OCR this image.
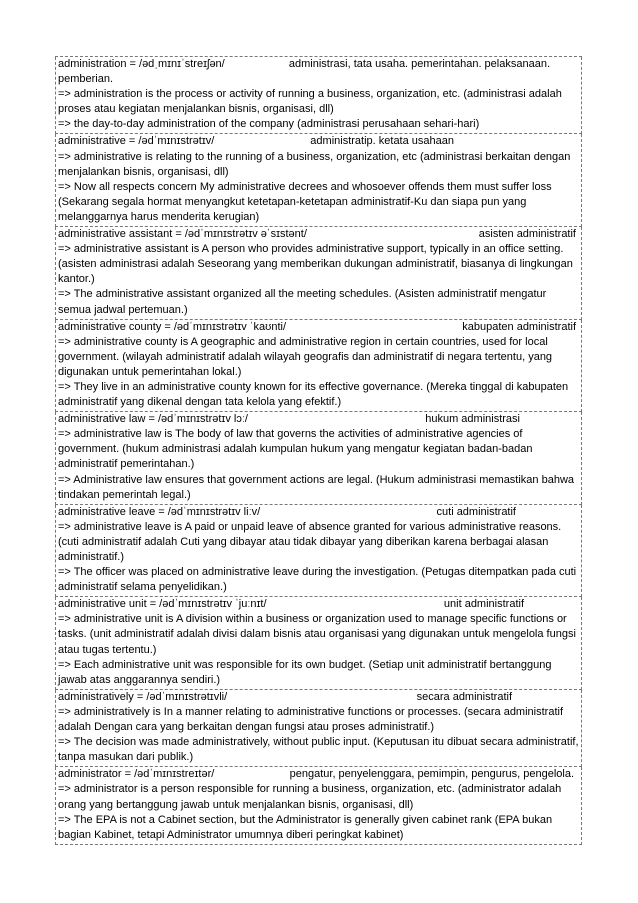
administration = /ədˌmɪnɪˈstreɪʃən/	administrasi, tata usaha. pemerintahan. pelaksanaan.

pemberian.

=> administration is the process or activity of running a business, organization, etc. (administrasi adalah proses atau kegiatan menjalankan bisnis, organisasi, dll)

=> the day-to-day administration of the company (administrasi perusahaan sehari-hari)

administrative = /ədˈmɪnɪstrətɪv/	administratip. ketata usahaan

=> administrative is relating to the running of a business, organization, etc (administrasi berkaitan dengan menjalankan bisnis, organisasi, dll)

=> Now all respects concern My administrative decrees and whosoever offends them must suffer loss (Sekarang segala hormat menyangkut ketetapan-ketetapan administratif-Ku dan siapa pun yang melanggarnya harus menderita kerugian)

administrative assistant = /ədˈmɪnɪstrətɪv əˈsɪstənt/	asisten administratif

=> administrative assistant is A person who provides administrative support, typically in an office setting. (asisten administrasi adalah Seseorang yang memberikan dukungan administratif, biasanya di lingkungan kantor.)

=> The administrative assistant organized all the meeting schedules. (Asisten administratif mengatur semua jadwal pertemuan.)

administrative county = /ədˈmɪnɪstrətɪv ˈkaʊnti/	kabupaten administratif

=> administrative county is A geographic and administrative region in certain countries, used for local government. (wilayah administratif adalah wilayah geografis dan administratif di negara tertentu, yang digunakan untuk pemerintahan lokal.)

=> They live in an administrative county known for its effective governance. (Mereka tinggal di kabupaten administratif yang dikenal dengan tata kelola yang efektif.)

administrative law = /ədˈmɪnɪstrətɪv lɔː/	hukum administrasi

=> administrative law is The body of law that governs the activities of administrative agencies of government. (hukum administrasi adalah kumpulan hukum yang mengatur kegiatan badan-badan administratif pemerintahan.)

=> Administrative law ensures that government actions are legal. (Hukum administrasi memastikan bahwa tindakan pemerintah legal.)

administrative leave = /ədˈmɪnɪstrətɪv liːv/	cuti administratif

=> administrative leave is A paid or unpaid leave of absence granted for various administrative reasons. (cuti administratif adalah Cuti yang dibayar atau tidak dibayar yang diberikan karena berbagai alasan administratif.)

=> The officer was placed on administrative leave during the investigation. (Petugas ditempatkan pada cuti administratif selama penyelidikan.)

administrative unit = /ədˈmɪnɪstrətɪv ˈjuːnɪt/	unit administratif

=> administrative unit is A division within a business or organization used to manage specific functions or tasks. (unit administratif adalah divisi dalam bisnis atau organisasi yang digunakan untuk mengelola fungsi atau tugas tertentu.)

=> Each administrative unit was responsible for its own budget. (Setiap unit administratif bertanggung jawab atas anggarannya sendiri.)

administratively = /ədˈmɪnɪstrətɪvli/	secara administratif

=> administratively is In a manner relating to administrative functions or processes. (secara administratif adalah Dengan cara yang berkaitan dengan fungsi atau proses administratif.)

=> The decision was made administratively, without public input. (Keputusan itu dibuat secara administratif, tanpa masukan dari publik.)

administrator = /ədˈmɪnɪstreɪtər/	pengatur, penyelenggara, pemimpin, pengurus, pengelola.

=> administrator is a person responsible for running a business, organization, etc. (administrator adalah orang yang bertanggung jawab untuk menjalankan bisnis, organisasi, dll)

=> The EPA is not a Cabinet section, but the Administrator is generally given cabinet rank (EPA bukan bagian Kabinet, tetapi Administrator umumnya diberi peringkat kabinet)
